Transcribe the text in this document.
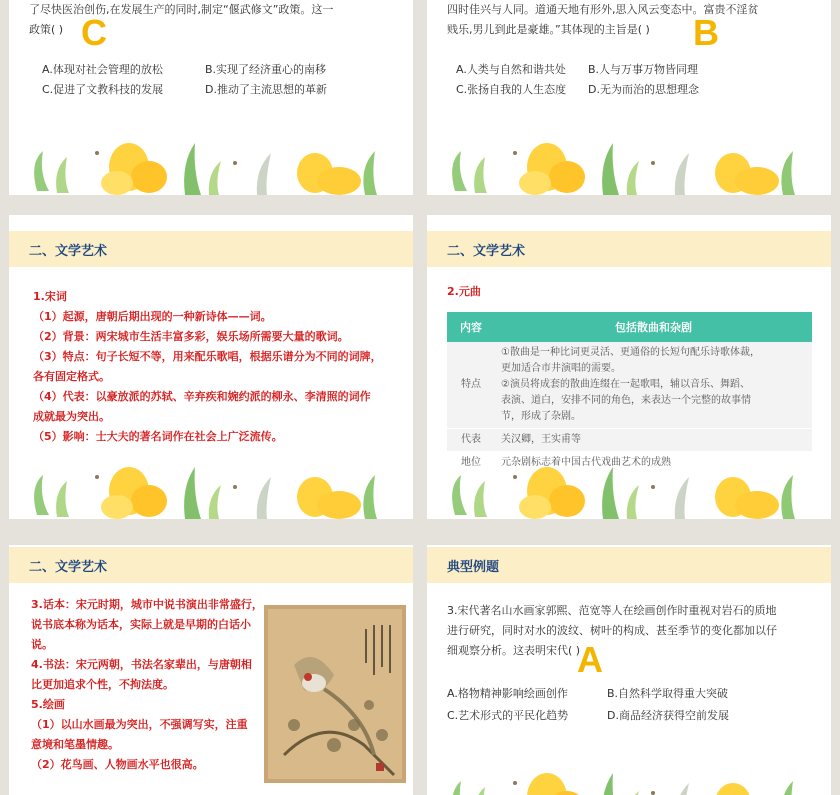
了尽快医治创伤,在发展生产的同时,制定“偃武修文”政策。这一
政策( ) C
A.体现对社会管理的放松	B.实现了经济重心的南移
C.促进了文教科技的发展	D.推动了主流思想的革新
四时佳兴与人同。道通天地有形外,思入风云变态中。富贵不淫贫
贱乐,男儿到此是豪雄。”其体现的主旨是( )	B
A.人类与自然和谐共处 B.人与万事万物皆同理
C.张扬自我的人生态度 D.无为而治的思想理念
二、文学艺术
1.宋词
（1）起源，唐朝后期出现的一种新诗体——词。
（2）背景：两宋城市生活丰富多彩，娱乐场所需要大量的歌词。
（3）特点：句子长短不等，用来配乐歌唱，根据乐谱分为不同的词牌，
各有固定格式。
（4）代表：以豪放派的苏轼、辛弃疾和婉约派的柳永、李清照的词作
成就最为突出。
（5）影响：士大夫的著名词作在社会上广泛流传。
二、文学艺术
2.元曲
内容	包括散曲和杂剧
特点	①散曲是一种比词更灵活、更通俗的长短句配乐诗歌体裁，
更加适合市井演唱的需要。
②演员将成套的散曲连缀在一起歌唱，辅以音乐、舞蹈、
表演、道白，安排不同的角色，来表达一个完整的故事情
节，形成了杂剧。

代表	关汉卿，王实甫等

地位	元杂剧标志着中国古代戏曲艺术的成熟
二、文学艺术
3.话本：宋元时期，城市中说书演出非常盛行，
说书底本称为话本，实际上就是早期的白话小
说。
4.书法：宋元两朝，书法名家辈出，与唐朝相
比更加追求个性，不拘法度。
5.绘画
（1）以山水画最为突出，不强调写实，注重
意境和笔墨情趣。
（2）花鸟画、人物画水平也很高。
典型例题
3.宋代著名山水画家郭熙、范宽等人在绘画创作时重视对岩石的质地
进行研究，同时对水的波纹、树叶的构成、甚至季节的变化都加以仔
细观察分析。这表明宋代( )
A
A.格物精神影响绘画创作	B.自然科学取得重大突破
C.艺术形式的平民化趋势	D.商品经济获得空前发展
